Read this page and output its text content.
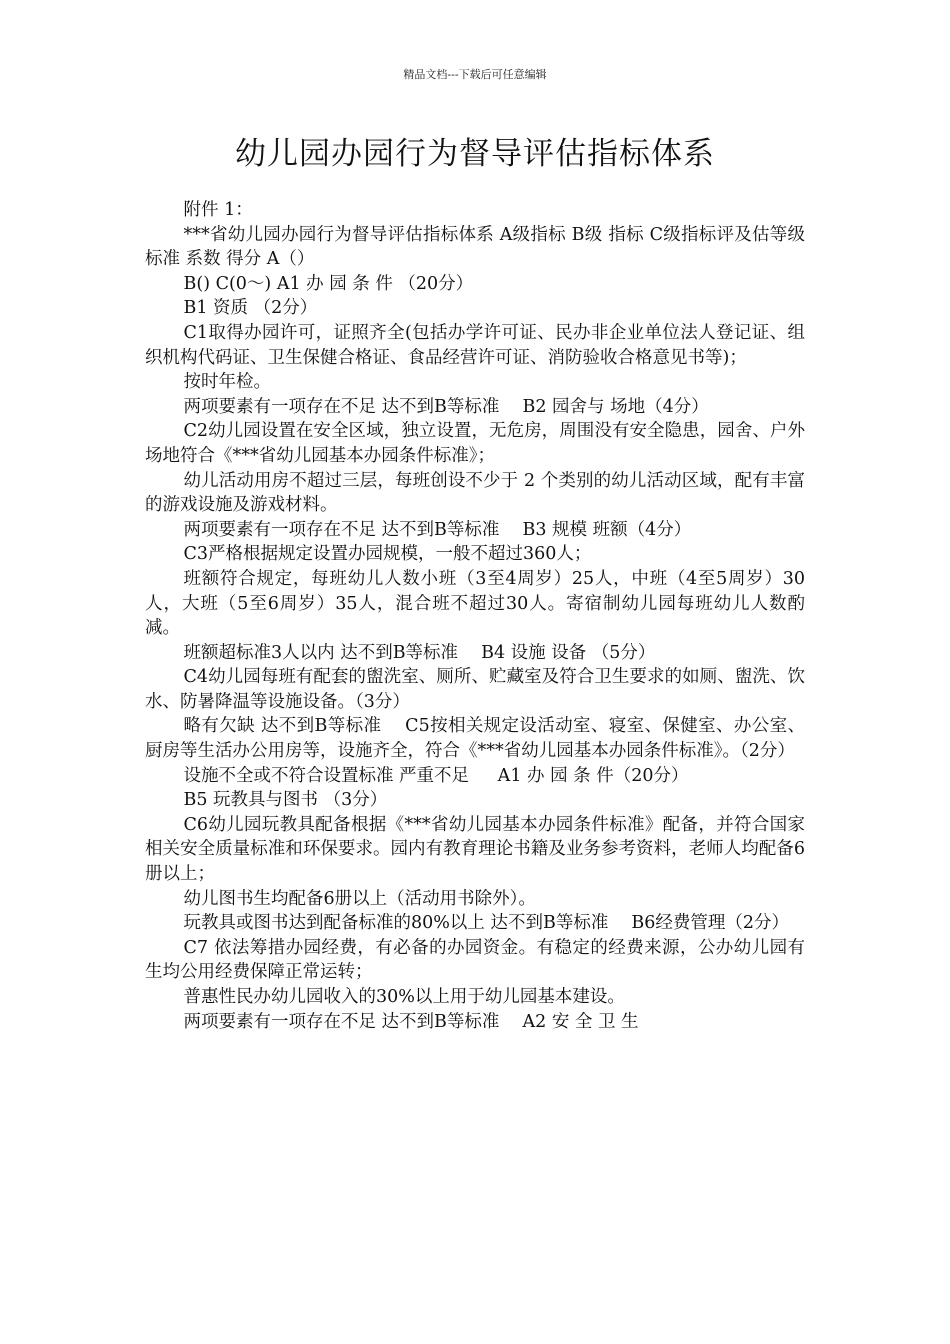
精品文档---下载后可任意编辑
幼儿园办园行为督导评估指标体系

附件 1：

***省幼儿园办园行为督导评估指标体系 A级指标 B级 指标 C级指标评及估等级标准 系数 得分 A（）

B() C(0～) A1 办 园 条 件 （20分）

B1 资质 （2分）

C1取得办园许可，证照齐全(包括办学许可证、民办非企业单位法人登记证、组织机构代码证、卫生保健合格证、食品经营许可证、消防验收合格意见书等)；

按时年检。

两项要素有一项存在不足 达不到B等标准 　B2 园舍与 场地（4分）

C2幼儿园设置在安全区域，独立设置，无危房，周围没有安全隐患，园舍、户外场地符合《***省幼儿园基本办园条件标准》；

幼儿活动用房不超过三层，每班创设不少于 2 个类别的幼儿活动区域，配有丰富的游戏设施及游戏材料。

两项要素有一项存在不足 达不到B等标准 　B3 规模 班额（4分）

C3严格根据规定设置办园规模，一般不超过360人；

班额符合规定，每班幼儿人数小班（3至4周岁）25人，中班（4至5周岁）30人，大班（5至6周岁）35人，混合班不超过30人。寄宿制幼儿园每班幼儿人数酌减。

班额超标准3人以内 达不到B等标准 　B4 设施 设备 （5分）

C4幼儿园每班有配套的盥洗室、厕所、贮藏室及符合卫生要求的如厕、盥洗、饮水、防暑降温等设施设备。（3分）

略有欠缺 达不到B等标准 　C5按相关规定设活动室、寝室、保健室、办公室、厨房等生活办公用房等，设施齐全，符合《***省幼儿园基本办园条件标准》。（2分）

设施不全或不符合设置标准 严重不足 　 A1 办 园 条 件（20分）

B5 玩教具与图书 （3分）

C6幼儿园玩教具配备根据《***省幼儿园基本办园条件标准》配备，并符合国家相关安全质量标准和环保要求。园内有教育理论书籍及业务参考资料，老师人均配备6册以上；

幼儿图书生均配备6册以上（活动用书除外）。

玩教具或图书达到配备标准的80%以上 达不到B等标准 　B6经费管理（2分）

C7 依法筹措办园经费，有必备的办园资金。有稳定的经费来源，公办幼儿园有生均公用经费保障正常运转；

普惠性民办幼儿园收入的30%以上用于幼儿园基本建设。

两项要素有一项存在不足 达不到B等标准 　A2 安 全 卫 生
